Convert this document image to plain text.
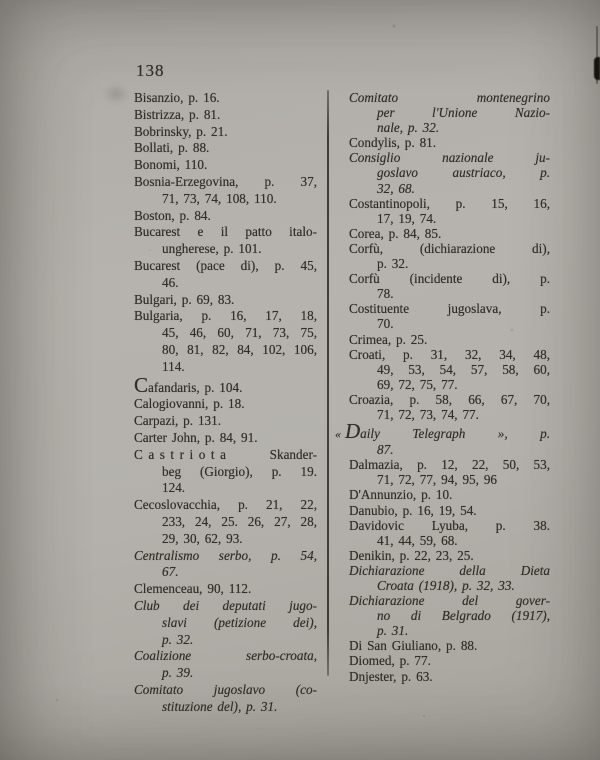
138
Bisanzio, p. 16.
Bistrizza, p. 81.
Bobrinsky, p. 21.
Bollati, p. 88.
Bonomi, 110.
Bosnia-Erzegovina, p. 37,
71, 73, 74, 108, 110.
Boston, p. 84.
Bucarest e il patto italo-
ungherese, p. 101.
Bucarest (pace di), p. 45,
46.
Bulgari, p. 69, 83.
Bulgaria, p. 16, 17, 18,
45, 46, 60, 71, 73, 75,
80, 81, 82, 84, 102, 106,
114.
Cafandaris, p. 104.
Calogiovanni, p. 18.
Carpazi, p. 131.
Carter John, p. 84, 91.
Castriota Skander-
beg (Giorgio), p. 19.
124.
Cecoslovacchia, p. 21, 22,
233, 24, 25. 26, 27, 28,
29, 30, 62, 93.
Centralismo serbo, p. 54,
67.
Clemenceau, 90, 112.
Club dei deputati jugo-
slavi (petizione dei),
p. 32.
Coalizione serbo-croata,
p. 39.
Comitato jugoslavo (co-
stituzione del), p. 31.
Comitato montenegrino
per l'Unione Nazio-
nale, p. 32.
Condylis, p. 81.
Consiglio nazionale ju-
goslavo austriaco, p.
32, 68.
Costantinopoli, p. 15, 16,
17, 19, 74.
Corea, p. 84, 85.
Corfù, (dichiarazione di),
p. 32.
Corfù (incidente di), p.
78.
Costituente jugoslava, p.
70.
Crimea, p. 25.
Croati, p. 31, 32, 34, 48,
49, 53, 54, 57, 58, 60,
69, 72, 75, 77.
Croazia, p. 58, 66, 67, 70,
71, 72, 73, 74, 77.
« Daily Telegraph », p.
87.
Dalmazia, p. 12, 22, 50, 53,
71, 72, 77, 94, 95, 96
D'Annunzio, p. 10.
Danubio, p. 16, 19, 54.
Davidovic Lyuba, p. 38.
41, 44, 59, 68.
Denikin, p. 22, 23, 25.
Dichiarazione della Dieta
Croata (1918), p. 32, 33.
Dichiarazione del gover-
no di Belgrado (1917),
p. 31.
Di San Giuliano, p. 88.
Diomed, p. 77.
Dnjester, p. 63.
